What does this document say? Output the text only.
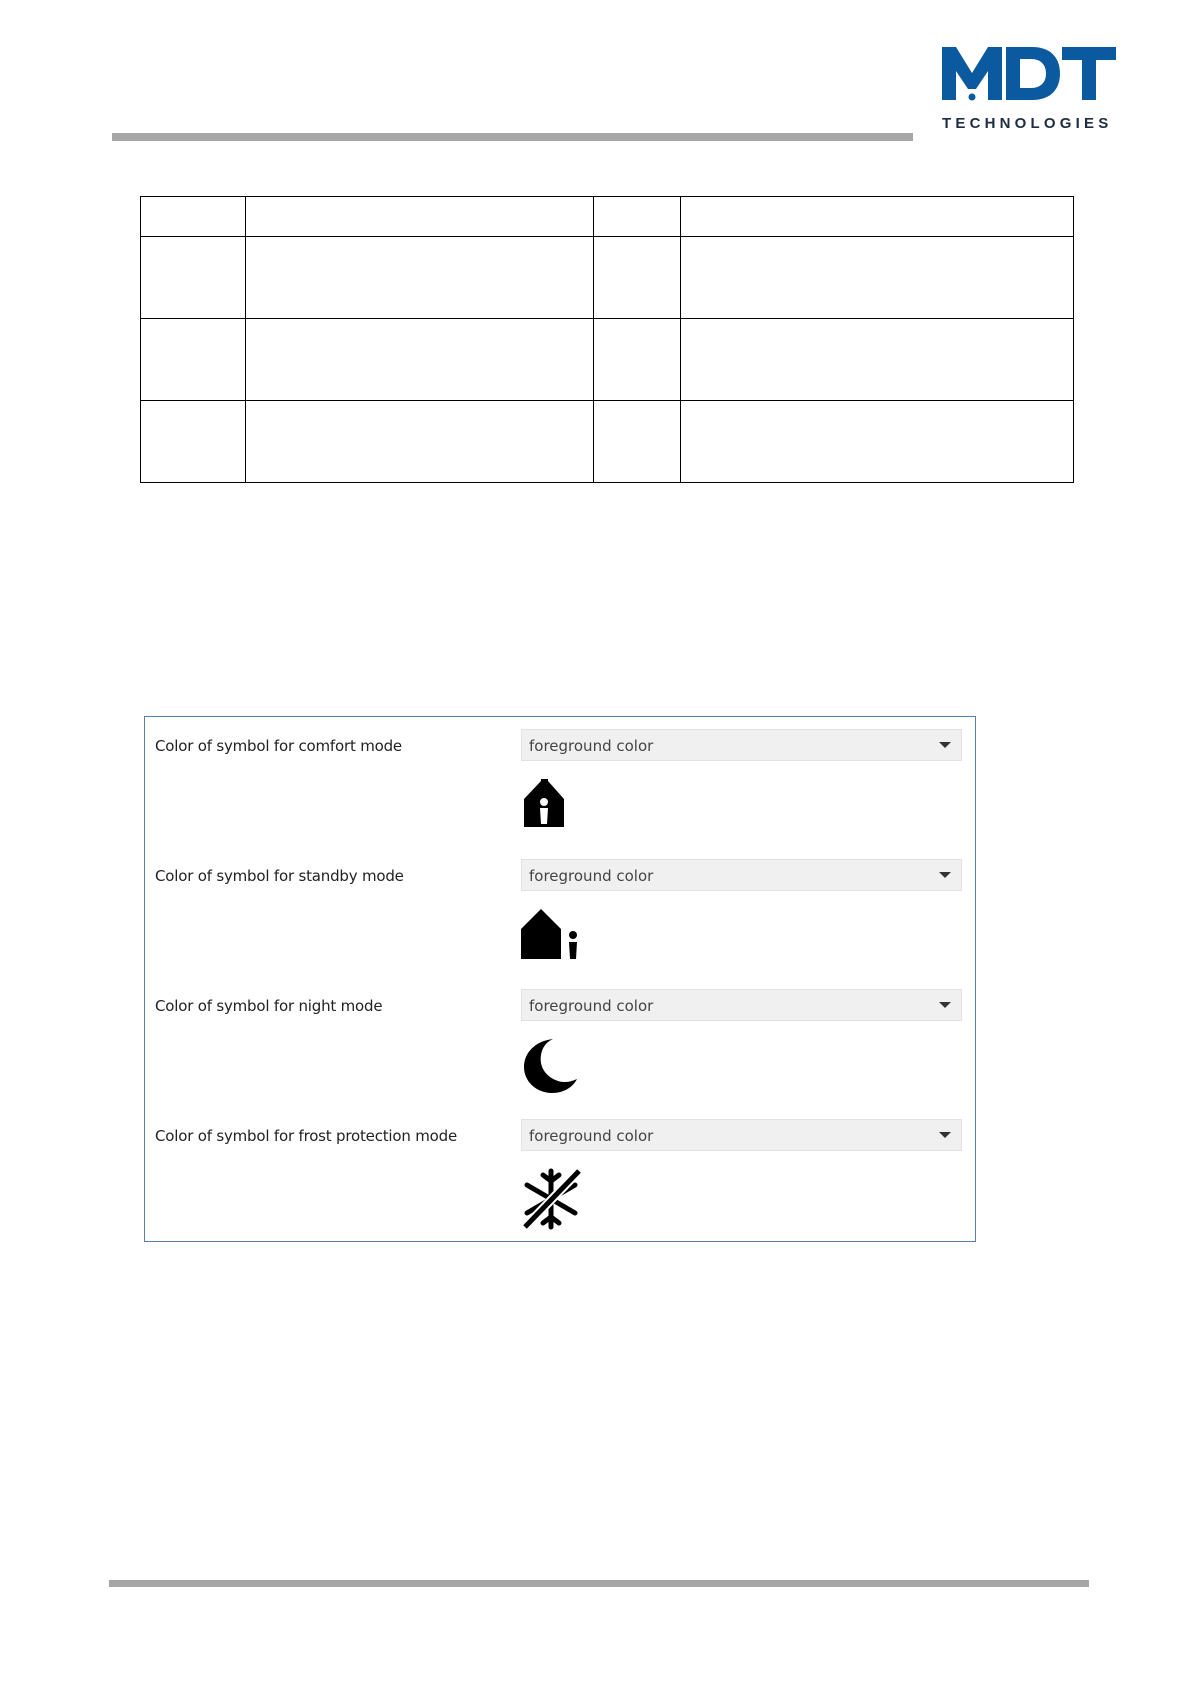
TECHNOLOGIES

Color of symbol for comfort mode	foreground color
Color of symbol for standby mode	foreground color
Color of symbol for night mode	foreground color
Color of symbol for frost protection mode	foreground color
